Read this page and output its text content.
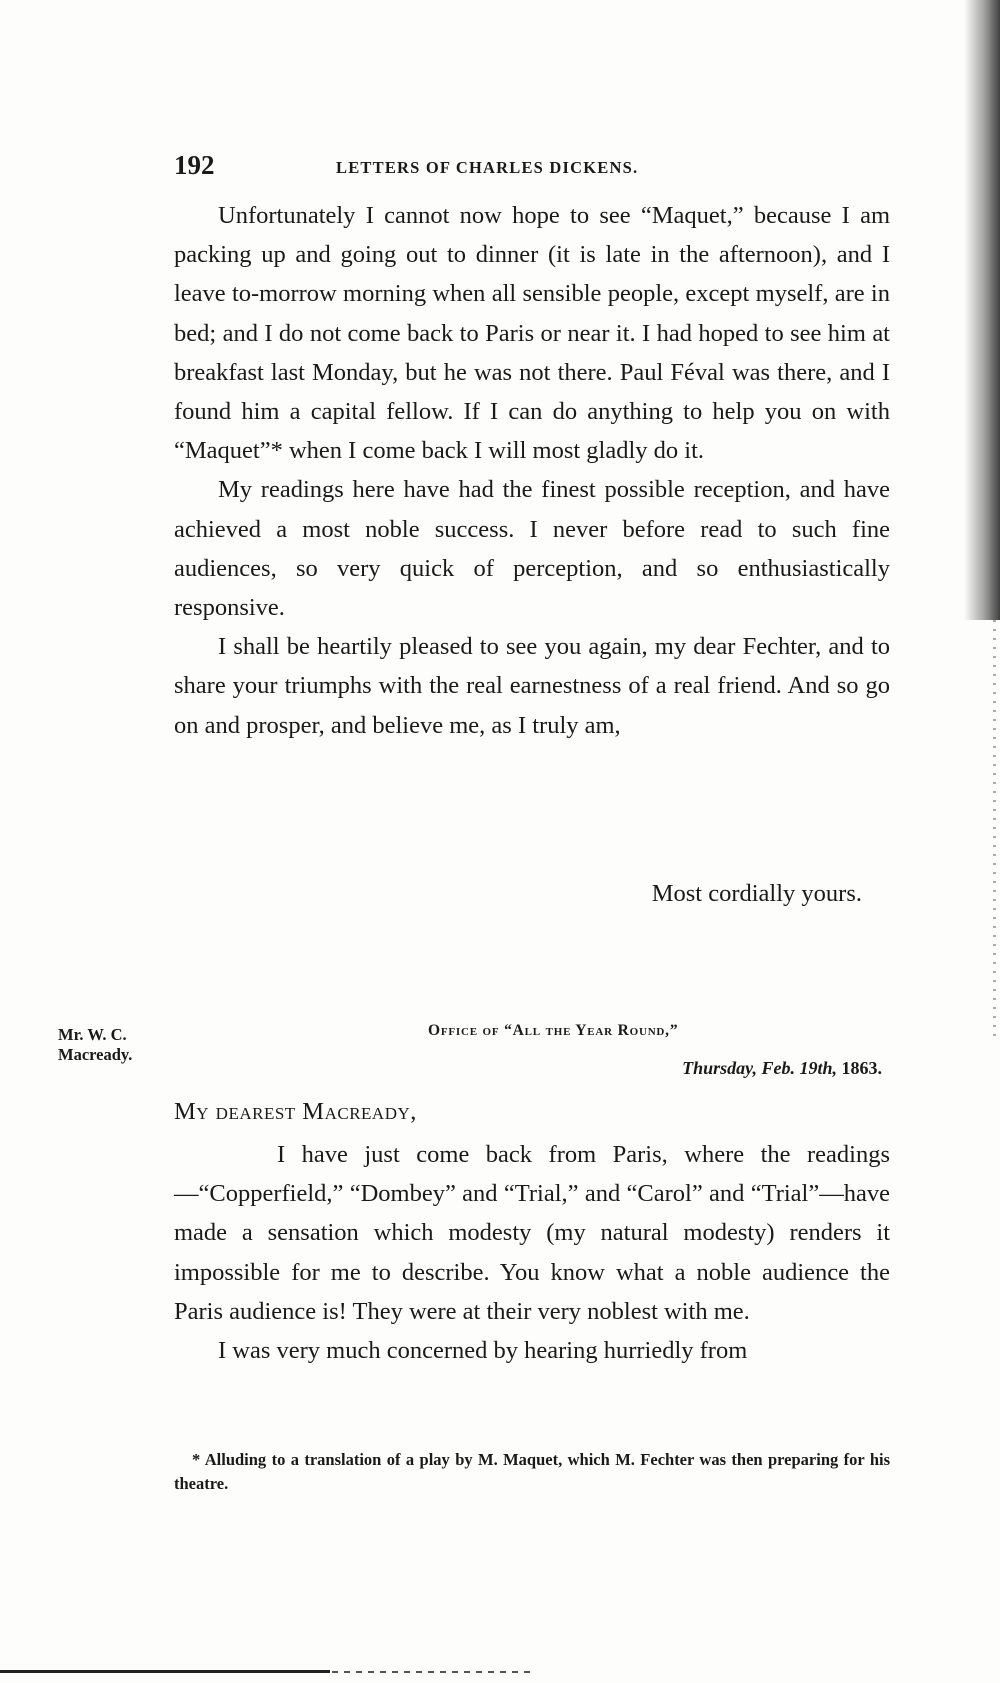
192	LETTERS OF CHARLES DICKENS.

Unfortunately I cannot now hope to see “Maquet,” because I am packing up and going out to dinner (it is late in the afternoon), and I leave to-morrow morning when all sensible people, except myself, are in bed; and I do not come back to Paris or near it. I had hoped to see him at breakfast last Monday, but he was not there. Paul Féval was there, and I found him a capital fellow. If I can do anything to help you on with “Maquet”* when I come back I will most gladly do it.

My readings here have had the finest possible reception, and have achieved a most noble success. I never before read to such fine audiences, so very quick of perception, and so enthusiastically responsive.

I shall be heartily pleased to see you again, my dear Fechter, and to share your triumphs with the real earnestness of a real friend. And so go on and prosper, and believe me, as I truly am,

Most cordially yours.
Mr. W. C.
Macready.
Office of “All the Year Round,”
Thursday, Feb. 19th, 1863.
My dearest Macready,

I have just come back from Paris, where the readings—“Copperfield,” “Dombey” and “Trial,” and “Carol” and “Trial”—have made a sensation which modesty (my natural modesty) renders it impossible for me to describe. You know what a noble audience the Paris audience is! They were at their very noblest with me.

I was very much concerned by hearing hurriedly from

* Alluding to a translation of a play by M. Maquet, which M. Fechter was then preparing for his theatre.
